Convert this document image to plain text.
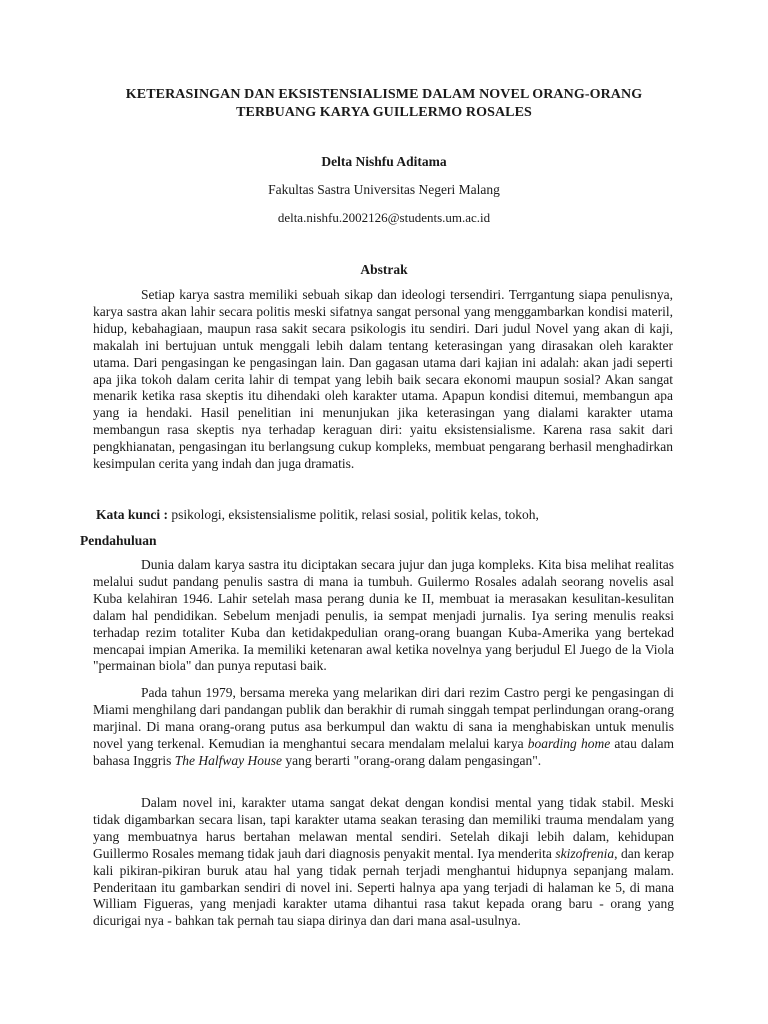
KETERASINGAN DAN EKSISTENSIALISME DALAM NOVEL ORANG-ORANG
TERBUANG KARYA GUILLERMO ROSALES
Delta Nishfu Aditama
Fakultas Sastra Universitas Negeri Malang
delta.nishfu.2002126@students.um.ac.id
Abstrak

Setiap karya sastra memiliki sebuah sikap dan ideologi tersendiri. Terrgantung siapa penulisnya, karya sastra akan lahir secara politis meski sifatnya sangat personal yang menggambarkan kondisi materil, hidup, kebahagiaan, maupun rasa sakit secara psikologis itu sendiri. Dari judul Novel yang akan di kaji, makalah ini bertujuan untuk menggali lebih dalam tentang keterasingan yang dirasakan oleh karakter utama. Dari pengasingan ke pengasingan lain. Dan gagasan utama dari kajian ini adalah: akan jadi seperti apa jika tokoh dalam cerita lahir di tempat yang lebih baik secara ekonomi maupun sosial? Akan sangat menarik ketika rasa skeptis itu dihendaki oleh karakter utama. Apapun kondisi ditemui, membangun apa yang ia hendaki. Hasil penelitian ini menunjukan jika keterasingan yang dialami karakter utama membangun rasa skeptis nya terhadap keraguan diri: yaitu eksistensialisme. Karena rasa sakit dari pengkhianatan, pengasingan itu berlangsung cukup kompleks, membuat pengarang berhasil menghadirkan kesimpulan cerita yang indah dan juga dramatis.

Kata kunci : psikologi, eksistensialisme politik, relasi sosial, politik kelas, tokoh,
Pendahuluan

Dunia dalam karya sastra itu diciptakan secara jujur dan juga kompleks. Kita bisa melihat realitas melalui sudut pandang penulis sastra di mana ia tumbuh. Guilermo Rosales adalah seorang novelis asal Kuba kelahiran 1946. Lahir setelah masa perang dunia ke II, membuat ia merasakan kesulitan-kesulitan dalam hal pendidikan. Sebelum menjadi penulis, ia sempat menjadi jurnalis. Iya sering menulis reaksi terhadap rezim totaliter Kuba dan ketidakpedulian orang-orang buangan Kuba-Amerika yang bertekad mencapai impian Amerika. Ia memiliki ketenaran awal ketika novelnya yang berjudul El Juego de la Viola "permainan biola" dan punya reputasi baik.

Pada tahun 1979, bersama mereka yang melarikan diri dari rezim Castro pergi ke pengasingan di Miami menghilang dari pandangan publik dan berakhir di rumah singgah tempat perlindungan orang-orang marjinal. Di mana orang-orang putus asa berkumpul dan waktu di sana ia menghabiskan untuk menulis novel yang terkenal. Kemudian ia menghantui secara mendalam melalui karya boarding home atau dalam bahasa Inggris The Halfway House yang berarti "orang-orang dalam pengasingan".

Dalam novel ini, karakter utama sangat dekat dengan kondisi mental yang tidak stabil. Meski tidak digambarkan secara lisan, tapi karakter utama seakan terasing dan memiliki trauma mendalam yang yang membuatnya harus bertahan melawan mental sendiri. Setelah dikaji lebih dalam, kehidupan Guillermo Rosales memang tidak jauh dari diagnosis penyakit mental. Iya menderita skizofrenia, dan kerap kali pikiran-pikiran buruk atau hal yang tidak pernah terjadi menghantui hidupnya sepanjang malam. Penderitaan itu gambarkan sendiri di novel ini. Seperti halnya apa yang terjadi di halaman ke 5, di mana William Figueras, yang menjadi karakter utama dihantui rasa takut kepada orang baru - orang yang dicurigai nya - bahkan tak pernah tau siapa dirinya dan dari mana asal-usulnya.
